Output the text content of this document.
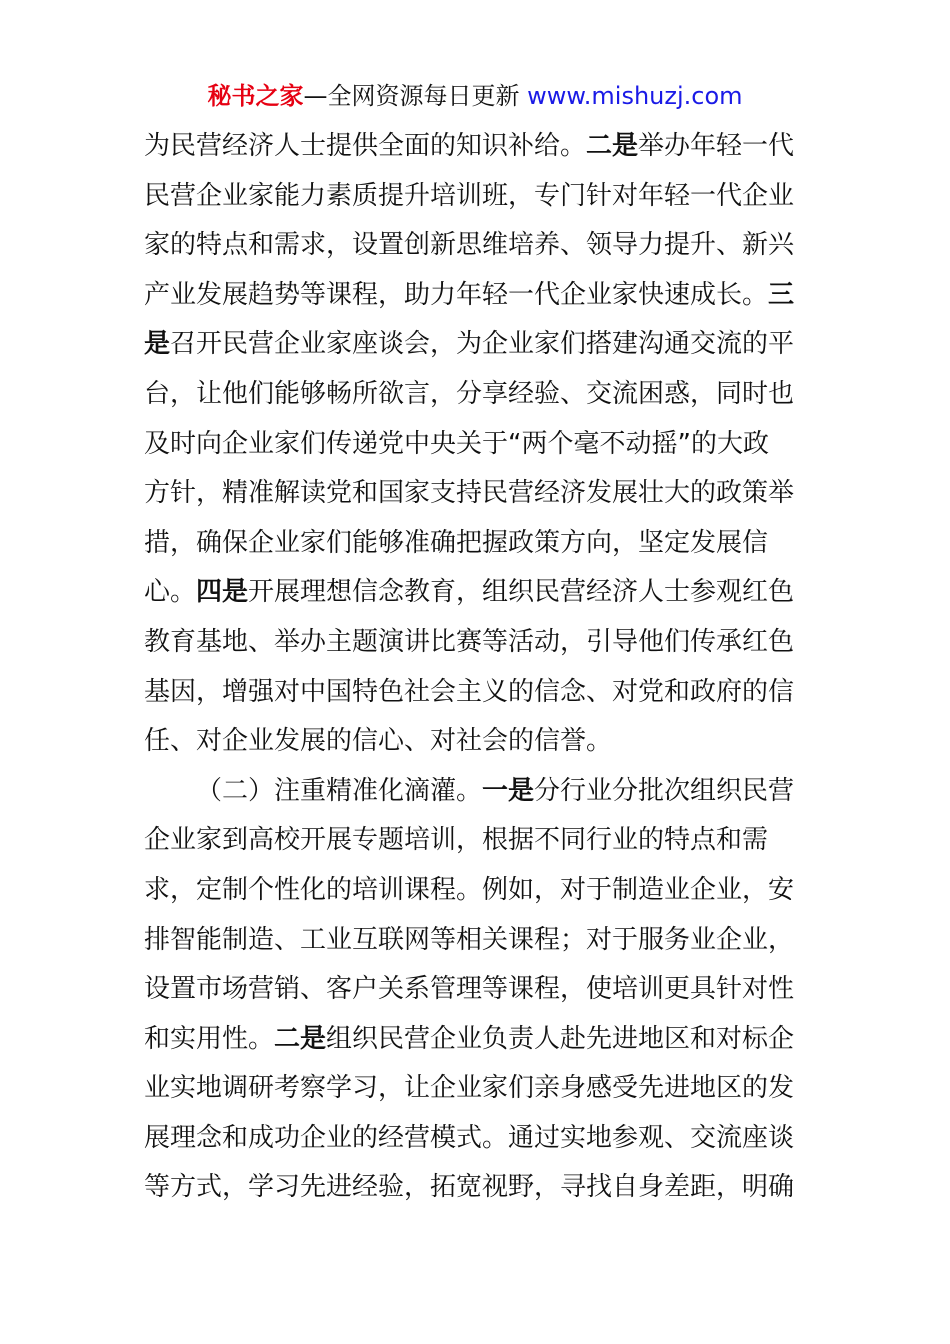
秘书之家—全网资源每日更新 www.mishuzj.com
为民营经济人士提供全面的知识补给。二是举办年轻一代
民营企业家能力素质提升培训班，专门针对年轻一代企业
家的特点和需求，设置创新思维培养、领导力提升、新兴
产业发展趋势等课程，助力年轻一代企业家快速成长。三
是召开民营企业家座谈会，为企业家们搭建沟通交流的平
台，让他们能够畅所欲言，分享经验、交流困惑，同时也
及时向企业家们传递党中央关于“两个毫不动摇”的大政
方针，精准解读党和国家支持民营经济发展壮大的政策举
措，确保企业家们能够准确把握政策方向，坚定发展信
心。四是开展理想信念教育，组织民营经济人士参观红色
教育基地、举办主题演讲比赛等活动，引导他们传承红色
基因，增强对中国特色社会主义的信念、对党和政府的信
任、对企业发展的信心、对社会的信誉。
（二）注重精准化滴灌。一是分行业分批次组织民营
企业家到高校开展专题培训，根据不同行业的特点和需
求，定制个性化的培训课程。例如，对于制造业企业，安
排智能制造、工业互联网等相关课程；对于服务业企业，
设置市场营销、客户关系管理等课程，使培训更具针对性
和实用性。二是组织民营企业负责人赴先进地区和对标企
业实地调研考察学习，让企业家们亲身感受先进地区的发
展理念和成功企业的经营模式。通过实地参观、交流座谈
等方式，学习先进经验，拓宽视野，寻找自身差距，明确
